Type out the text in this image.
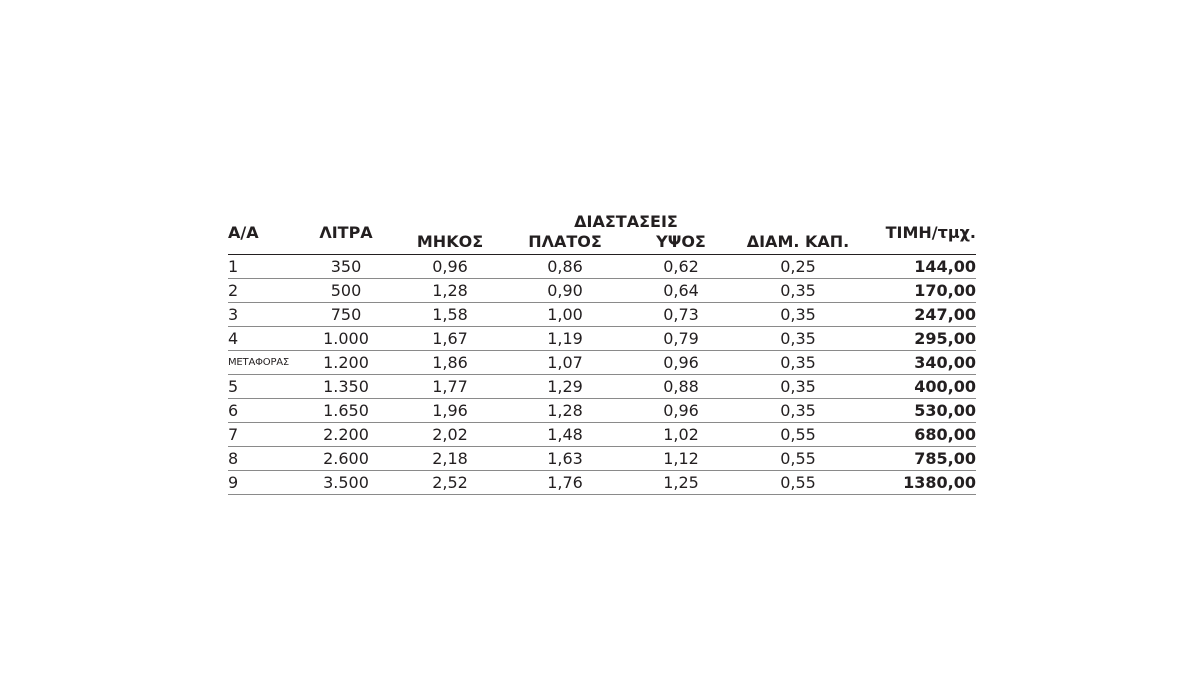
Α/Α	ΛΙΤΡΑ	ΔΙΑΣΤΑΣΕΙΣ				ΤΙΜΗ/τμχ.
		ΜΗΚΟΣ	ΠΛΑΤΟΣ	ΥΨΟΣ	ΔΙΑΜ. ΚΑΠ.	
1	350	0,96	0,86	0,62	0,25	144,00
2	500	1,28	0,90	0,64	0,35	170,00
3	750	1,58	1,00	0,73	0,35	247,00
4	1.000	1,67	1,19	0,79	0,35	295,00
ΜΕΤΑΦΟΡΑΣ	1.200	1,86	1,07	0,96	0,35	340,00
5	1.350	1,77	1,29	0,88	0,35	400,00
6	1.650	1,96	1,28	0,96	0,35	530,00
7	2.200	2,02	1,48	1,02	0,55	680,00
8	2.600	2,18	1,63	1,12	0,55	785,00
9	3.500	2,52	1,76	1,25	0,55	1380,00
